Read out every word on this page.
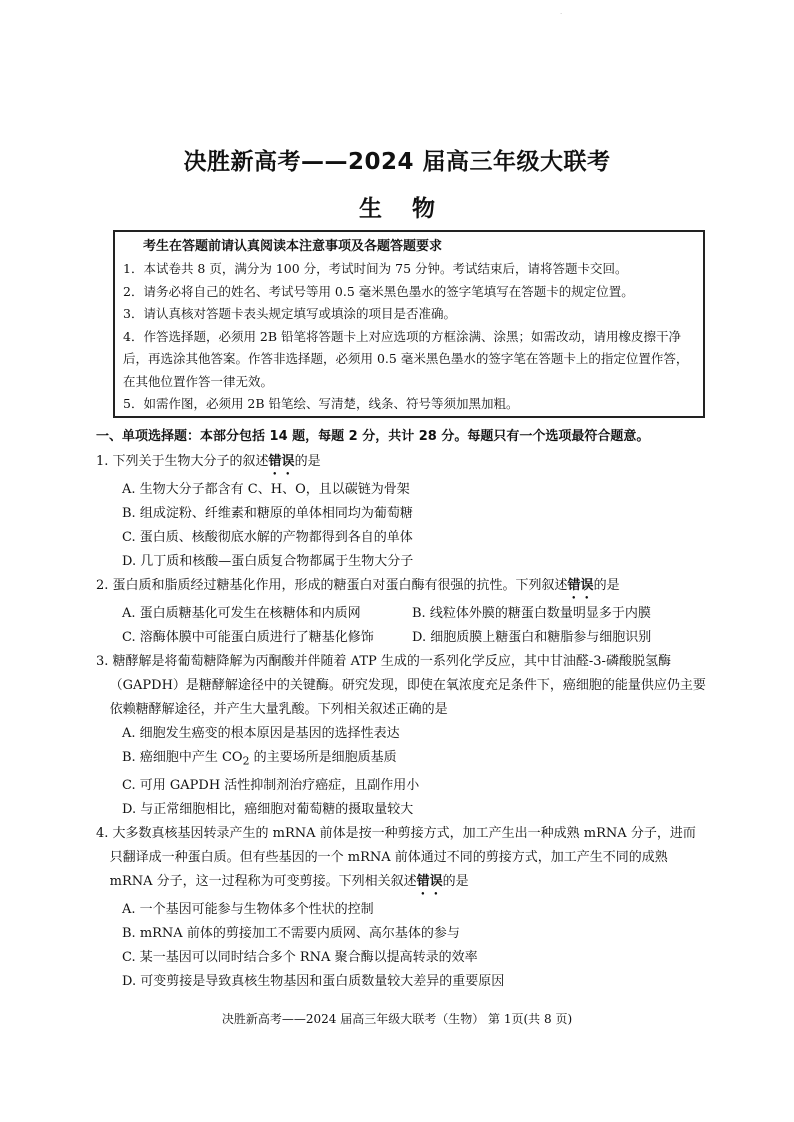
.
决胜新高考——2024 届高三年级大联考
生物
考生在答题前请认真阅读本注意事项及各题答题要求
1．本试卷共 8 页，满分为 100 分，考试时间为 75 分钟。考试结束后，请将答题卡交回。
2．请务必将自己的姓名、考试号等用 0.5 毫米黑色墨水的签字笔填写在答题卡的规定位置。
3．请认真核对答题卡表头规定填写或填涂的项目是否准确。
4．作答选择题，必须用 2B 铅笔将答题卡上对应选项的方框涂满、涂黑；如需改动，请用橡皮擦干净后，再选涂其他答案。作答非选择题，必须用 0.5 毫米黑色墨水的签字笔在答题卡上的指定位置作答，在其他位置作答一律无效。
5．如需作图，必须用 2B 铅笔绘、写清楚，线条、符号等须加黑加粗。
一、单项选择题：本部分包括 14 题，每题 2 分，共计 28 分。每题只有一个选项最符合题意。
1. 下列关于生物大分子的叙述错误的是
A. 生物大分子都含有 C、H、O，且以碳链为骨架
B. 组成淀粉、纤维素和糖原的单体相同均为葡萄糖
C. 蛋白质、核酸彻底水解的产物都得到各自的单体
D. 几丁质和核酸—蛋白质复合物都属于生物大分子
2. 蛋白质和脂质经过糖基化作用，形成的糖蛋白对蛋白酶有很强的抗性。下列叙述错误的是
A. 蛋白质糖基化可发生在核糖体和内质网	B. 线粒体外膜的糖蛋白数量明显多于内膜
C. 溶酶体膜中可能蛋白质进行了糖基化修饰	D. 细胞质膜上糖蛋白和糖脂参与细胞识别
3. 糖酵解是将葡萄糖降解为丙酮酸并伴随着 ATP 生成的一系列化学反应，其中甘油醛-3-磷酸脱氢酶（GAPDH）是糖酵解途径中的关键酶。研究发现，即使在氧浓度充足条件下，癌细胞的能量供应仍主要依赖糖酵解途径，并产生大量乳酸。下列相关叙述正确的是
A. 细胞发生癌变的根本原因是基因的选择性表达
B. 癌细胞中产生 $CO_2$ 的主要场所是细胞质基质
C. 可用 GAPDH 活性抑制剂治疗癌症，且副作用小
D. 与正常细胞相比，癌细胞对葡萄糖的摄取量较大
4. 大多数真核基因转录产生的 mRNA 前体是按一种剪接方式，加工产生出一种成熟 mRNA 分子，进而只翻译成一种蛋白质。但有些基因的一个 mRNA 前体通过不同的剪接方式，加工产生不同的成熟 mRNA 分子，这一过程称为可变剪接。下列相关叙述错误的是
A. 一个基因可能参与生物体多个性状的控制
B. mRNA 前体的剪接加工不需要内质网、高尔基体的参与
C. 某一基因可以同时结合多个 RNA 聚合酶以提高转录的效率
D. 可变剪接是导致真核生物基因和蛋白质数量较大差异的重要原因
决胜新高考——2024 届高三年级大联考（生物） 第 1页(共 8 页)
